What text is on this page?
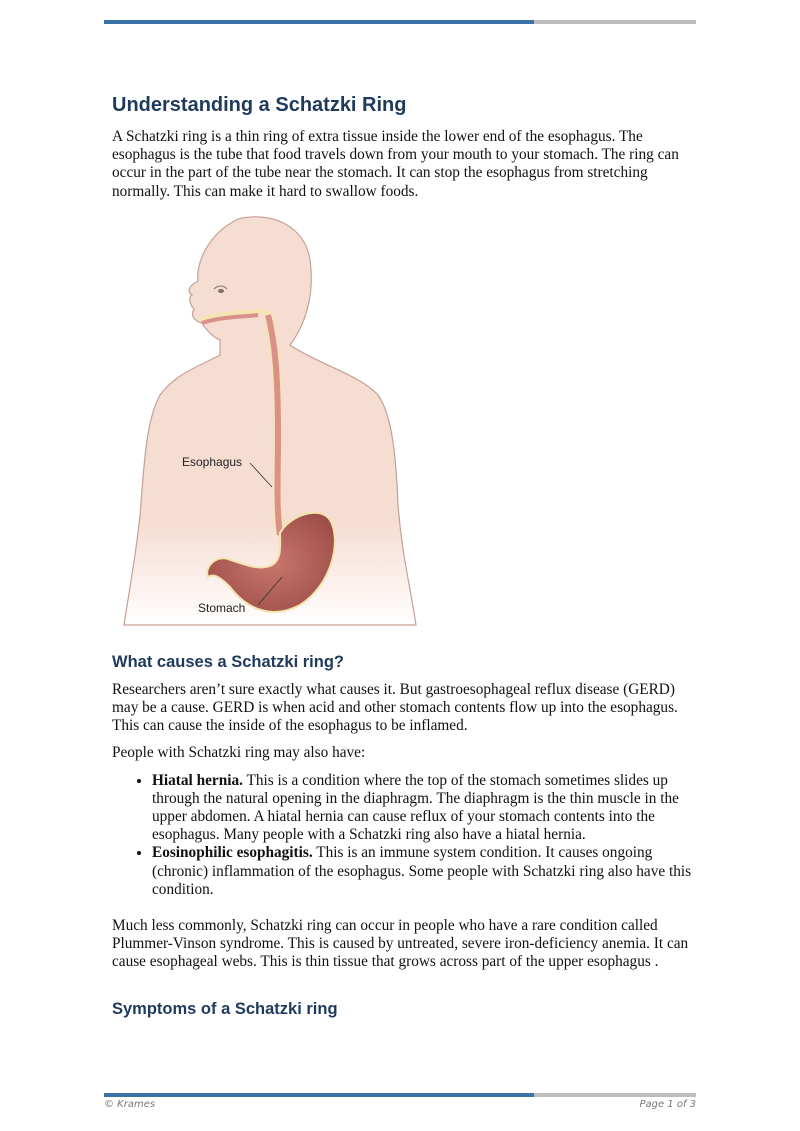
Understanding a Schatzki Ring

A Schatzki ring is a thin ring of extra tissue inside the lower end of the esophagus. The esophagus is the tube that food travels down from your mouth to your stomach. The ring can occur in the part of the tube near the stomach. It can stop the esophagus from stretching normally. This can make it hard to swallow foods.

Esophagus
Stomach
What causes a Schatzki ring?

Researchers aren’t sure exactly what causes it. But gastroesophageal reflux disease (GERD) may be a cause. GERD is when acid and other stomach contents flow up into the esophagus. This can cause the inside of the esophagus to be inflamed.

People with Schatzki ring may also have:

• Hiatal hernia. This is a condition where the top of the stomach sometimes slides up through the natural opening in the diaphragm. The diaphragm is the thin muscle in the upper abdomen. A hiatal hernia can cause reflux of your stomach contents into the esophagus. Many people with a Schatzki ring also have a hiatal hernia.
• Eosinophilic esophagitis. This is an immune system condition. It causes ongoing (chronic) inflammation of the esophagus. Some people with Schatzki ring also have this condition.

Much less commonly, Schatzki ring can occur in people who have a rare condition called Plummer-Vinson syndrome. This is caused by untreated, severe iron-deficiency anemia. It can cause esophageal webs. This is thin tissue that grows across part of the upper esophagus .

Symptoms of a Schatzki ring
© Krames	Page 1 of 3
